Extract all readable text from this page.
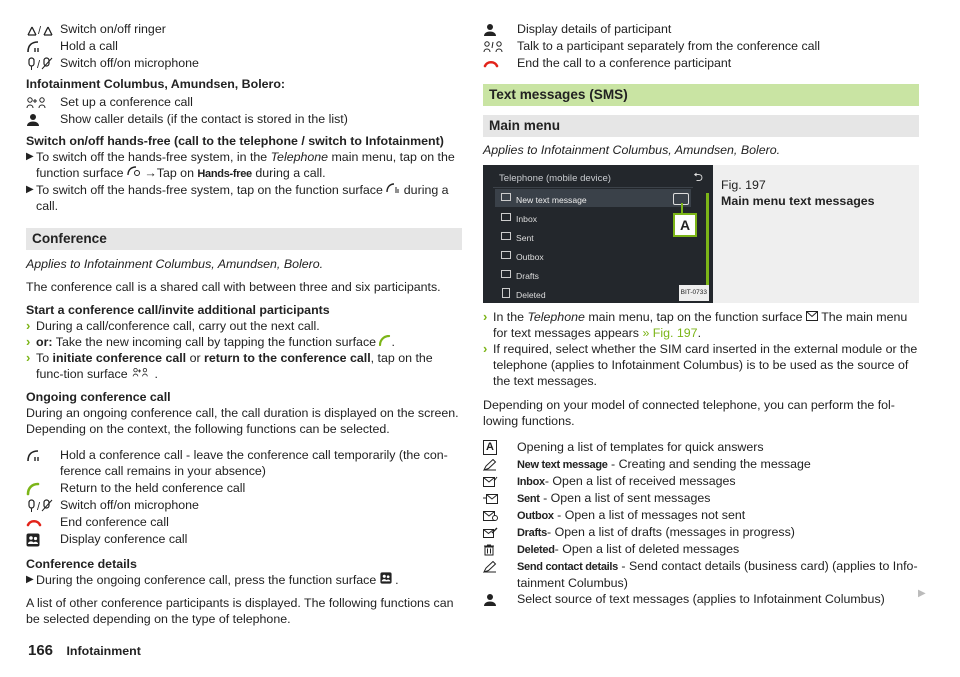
/ Switch on/off ringer
Hold a call
/ Switch off/on microphone
Infotainment Columbus, Amundsen, Bolero:
Set up a conference call
Show caller details (if the contact is stored in the list)
Switch on/off hands-free (call to the telephone / switch to Infotainment)
▶ To switch off the hands-free system, in the Telephone main menu, tap on the function surface  →Tap on Hands-free during a call.
▶ To switch off the hands-free system, tap on the function surface  during a call.
Conference

Applies to Infotainment Columbus, Amundsen, Bolero.

The conference call is a shared call with between three and six participants.

Start a conference call/invite additional participants
› During a call/conference call, carry out the next call.
› or: Take the new incoming call by tapping the function surface .
› To initiate conference call or return to the conference call, tap on the func-tion surface  .
Ongoing conference call

During an ongoing conference call, the call duration is displayed on the screen. Depending on the context, the following functions can be selected.

Hold a conference call - leave the conference call temporarily (the con-ference call remains in your absence)
Return to the held conference call
/ Switch off/on microphone
End conference call
Display conference call
Conference details
▶ During the ongoing conference call, press the function surface  .

A list of other conference participants is displayed. The following functions can be selected depending on the type of telephone.

Display details of participant
Talk to a participant separately from the conference call
End the call to a conference participant
Text messages (SMS)
Main menu

Applies to Infotainment Columbus, Amundsen, Bolero.

Telephone (mobile device)	⮌
New text message
Inbox
Sent
Outbox
Drafts
Deleted
A
BIT-0733
Fig. 197
Main menu text messages
› In the Telephone main menu, tap on the function surface  The main menu for text messages appears » Fig. 197.
› If required, select whether the SIM card inserted in the external module or the telephone (applies to Infotainment Columbus) is to be used as the source of the text messages.

Depending on your model of connected telephone, you can perform the fol-lowing functions.

A Opening a list of templates for quick answers
New text message - Creating and sending the message
Inbox- Open a list of received messages
Sent - Open a list of sent messages
Outbox - Open a list of messages not sent
Drafts- Open a list of drafts (messages in progress)
Deleted- Open a list of deleted messages
Send contact details - Send contact details (business card) (applies to Info-tainment Columbus)
Select source of text messages (applies to Infotainment Columbus)	▶
166 Infotainment
